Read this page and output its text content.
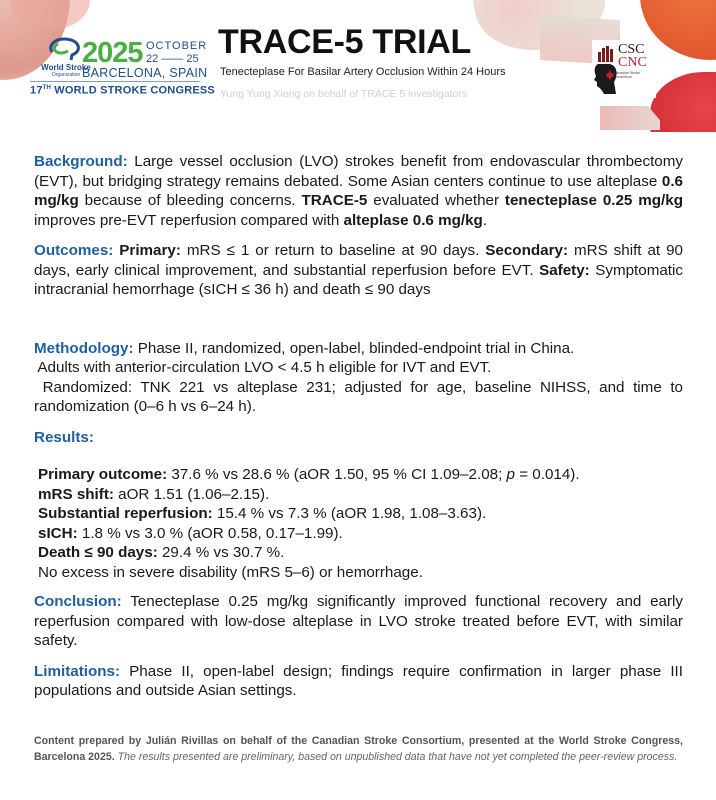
World Stroke
Organization
2025 OCTOBER
22 —— 25
BARCELONA, SPAIN
17TH WORLD STROKE CONGRESS
TRACE-5 TRIAL
Tenecteplase For Basilar Artery Occlusion Within 24 Hours
Yung Yung Xiong on behalf of TRACE 5 investigators
CSC
CNC
Canadian Stroke Consortium

Background: Large vessel occlusion (LVO) strokes benefit from endovascular thrombectomy (EVT), but bridging strategy remains debated. Some Asian centers continue to use alteplase 0.6 mg/kg because of bleeding concerns. TRACE-5 evaluated whether tenecteplase 0.25 mg/kg improves pre-EVT reperfusion compared with alteplase 0.6 mg/kg.

Outcomes: Primary: mRS ≤ 1 or return to baseline at 90 days. Secondary: mRS shift at 90 days, early clinical improvement, and substantial reperfusion before EVT. Safety: Symptomatic intracranial hemorrhage (sICH ≤ 36 h) and death ≤ 90 days

Methodology: Phase II, randomized, open-label, blinded-endpoint trial in China.
Adults with anterior-circulation LVO < 4.5 h eligible for IVT and EVT.
Randomized: TNK 221 vs alteplase 231; adjusted for age, baseline NIHSS, and time to randomization (0–6 h vs 6–24 h).
Results:
Primary outcome: 37.6 % vs 28.6 % (aOR 1.50, 95 % CI 1.09–2.08; p = 0.014).
mRS shift: aOR 1.51 (1.06–2.15).
Substantial reperfusion: 15.4 % vs 7.3 % (aOR 1.98, 1.08–3.63).
sICH: 1.8 % vs 3.0 % (aOR 0.58, 0.17–1.99).
Death ≤ 90 days: 29.4 % vs 30.7 %.
No excess in severe disability (mRS 5–6) or hemorrhage.

Conclusion: Tenecteplase 0.25 mg/kg significantly improved functional recovery and early reperfusion compared with low-dose alteplase in LVO stroke treated before EVT, with similar safety.

Limitations: Phase II, open-label design; findings require confirmation in larger phase III populations and outside Asian settings.

Content prepared by Julián Rivillas on behalf of the Canadian Stroke Consortium, presented at the World Stroke Congress, Barcelona 2025. The results presented are preliminary, based on unpublished data that have not yet completed the peer-review process.
